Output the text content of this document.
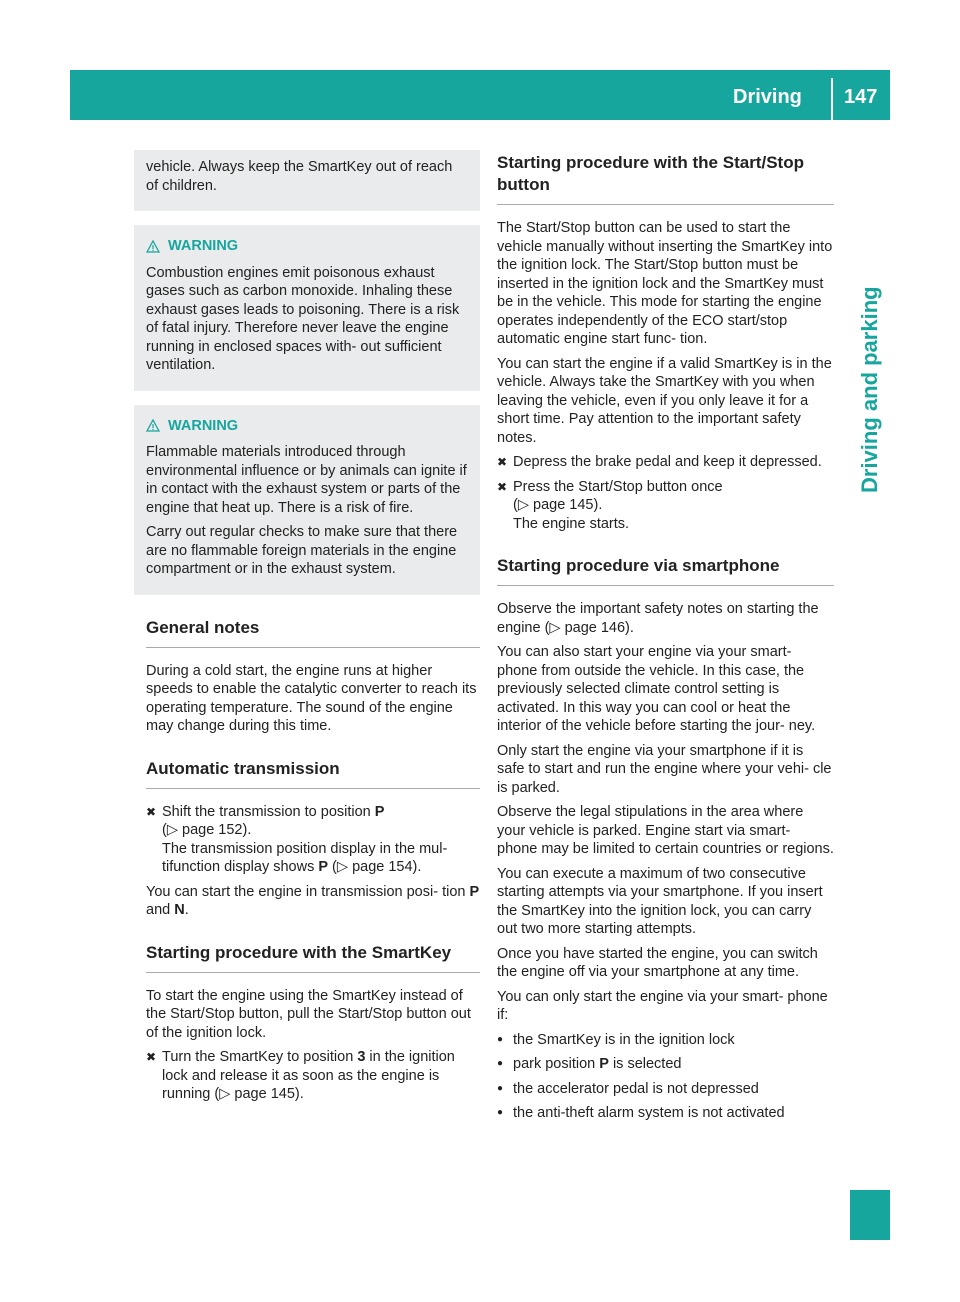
Driving 147
Driving and parking

vehicle. Always keep the SmartKey out of reach of children.

WARNING

Combustion engines emit poisonous exhaust gases such as carbon monoxide. Inhaling these exhaust gases leads to poisoning. There is a risk of fatal injury. Therefore never leave the engine running in enclosed spaces with- out sufficient ventilation.

WARNING

Flammable materials introduced through environmental influence or by animals can ignite if in contact with the exhaust system or parts of the engine that heat up. There is a risk of fire.

Carry out regular checks to make sure that there are no flammable foreign materials in the engine compartment or in the exhaust system.

General notes

During a cold start, the engine runs at higher speeds to enable the catalytic converter to reach its operating temperature. The sound of the engine may change during this time.

Automatic transmission
✖ Shift the transmission to position P
(▷ page 152).
The transmission position display in the mul- tifunction display shows P (▷ page 154).

You can start the engine in transmission posi- tion P and N.

Starting procedure with the SmartKey

To start the engine using the SmartKey instead of the Start/Stop button, pull the Start/Stop button out of the ignition lock.

✖ Turn the SmartKey to position 3 in the ignition lock and release it as soon as the engine is running (▷ page 145).
Starting procedure with the Start/Stop button

The Start/Stop button can be used to start the vehicle manually without inserting the SmartKey into the ignition lock. The Start/Stop button must be inserted in the ignition lock and the SmartKey must be in the vehicle. This mode for starting the engine operates independently of the ECO start/stop automatic engine start func- tion.

You can start the engine if a valid SmartKey is in the vehicle. Always take the SmartKey with you when leaving the vehicle, even if you only leave it for a short time. Pay attention to the important safety notes.

✖ Depress the brake pedal and keep it depressed.
✖ Press the Start/Stop button once
(▷ page 145).
The engine starts.
Starting procedure via smartphone

Observe the important safety notes on starting the engine (▷ page 146).

You can also start your engine via your smart- phone from outside the vehicle. In this case, the previously selected climate control setting is activated. In this way you can cool or heat the interior of the vehicle before starting the jour- ney.

Only start the engine via your smartphone if it is safe to start and run the engine where your vehi- cle is parked.

Observe the legal stipulations in the area where your vehicle is parked. Engine start via smart- phone may be limited to certain countries or regions.

You can execute a maximum of two consecutive starting attempts via your smartphone. If you insert the SmartKey into the ignition lock, you can carry out two more starting attempts.

Once you have started the engine, you can switch the engine off via your smartphone at any time.

You can only start the engine via your smart- phone if:

● the SmartKey is in the ignition lock
● park position P is selected
● the accelerator pedal is not depressed
● the anti-theft alarm system is not activated
